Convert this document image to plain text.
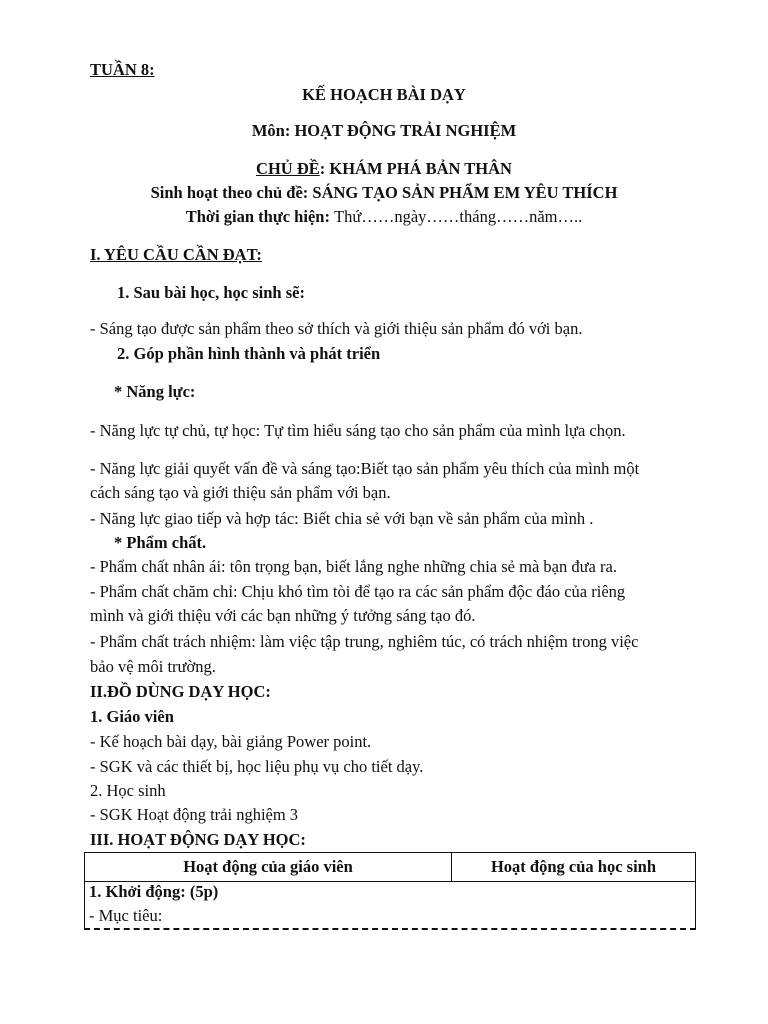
TUẦN 8:
KẾ HOẠCH BÀI DẠY
Môn: HOẠT ĐỘNG TRẢI NGHIỆM
CHỦ ĐỀ: KHÁM PHÁ BẢN THÂN
Sinh hoạt theo chủ đề: SÁNG TẠO SẢN PHẨM EM YÊU THÍCH
Thời gian thực hiện: Thứ……ngày……tháng……năm…..
I. YÊU CẦU CẦN ĐẠT:
1. Sau bài học, học sinh sẽ:
- Sáng tạo được sản phẩm theo sở thích và giới thiệu sản phẩm đó với bạn.
2. Góp phần hình thành và phát triển
* Năng lực:
- Năng lực tự chủ, tự học: Tự tìm hiểu sáng tạo cho sản phẩm của mình lựa chọn.
- Năng lực giải quyết vấn đề và sáng tạo:Biết tạo sản phẩm yêu thích của mình một
cách sáng tạo và giới thiệu sản phẩm với bạn.
- Năng lực giao tiếp và hợp tác: Biết chia sẻ với bạn về sản phẩm của mình .
* Phẩm chất.
- Phẩm chất nhân ái: tôn trọng bạn, biết lắng nghe những chia sẻ mà bạn đưa ra.
- Phẩm chất chăm chỉ: Chịu khó tìm tòi để tạo ra các sản phẩm độc đáo của riêng
mình và giới thiệu với các bạn những ý tưởng sáng tạo đó.
- Phẩm chất trách nhiệm: làm việc tập trung, nghiêm túc, có trách nhiệm trong việc
bảo vệ môi trường.
II.ĐỒ DÙNG DẠY HỌC:
1. Giáo viên
- Kế hoạch bài dạy, bài giảng Power point.
- SGK và các thiết bị, học liệu phụ vụ cho tiết dạy.
2. Học sinh
- SGK Hoạt động trải nghiệm 3
III. HOẠT ĐỘNG DẠY HỌC:
Hoạt động của giáo viên	Hoạt động của học sinh
1. Khởi động: (5p)
- Mục tiêu:
